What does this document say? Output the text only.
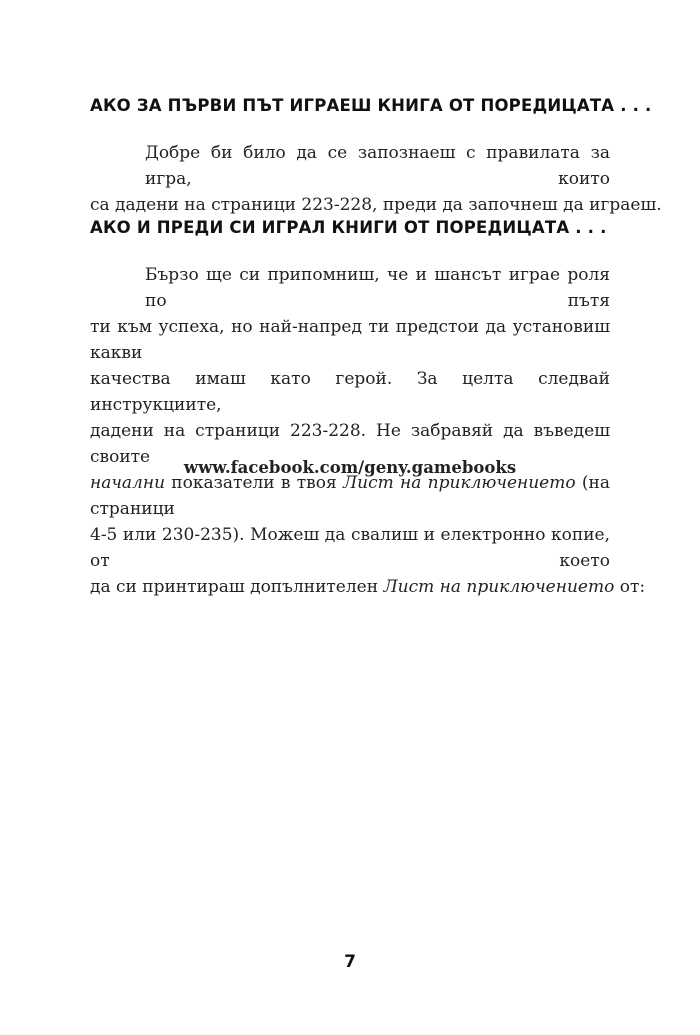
АКО ЗА ПЪРВИ ПЪТ ИГРАЕШ КНИГА ОТ ПОРЕДИЦАТА . . .
Добре би било да се запознаеш с правилата за игра, които
са дадени на страници 223-228, преди да започнеш да играеш.
АКО И ПРЕДИ СИ ИГРАЛ КНИГИ ОТ ПОРЕДИЦАТА . . .
Бързо ще си припомниш, че и шансът играе роля по пътя
ти към успеха, но най-напред ти предстои да установиш какви
качества имаш като герой. За целта следвай инструкциите,
дадени на страници 223-228. Не забравяй да въведеш своите
начални показатели в твоя Лист на приключението (на страници
4-5 или 230-235). Можеш да свалиш и електронно копие, от което
да си принтираш допълнителен Лист на приключението от:
www.facebook.com/geny.gamebooks
7
